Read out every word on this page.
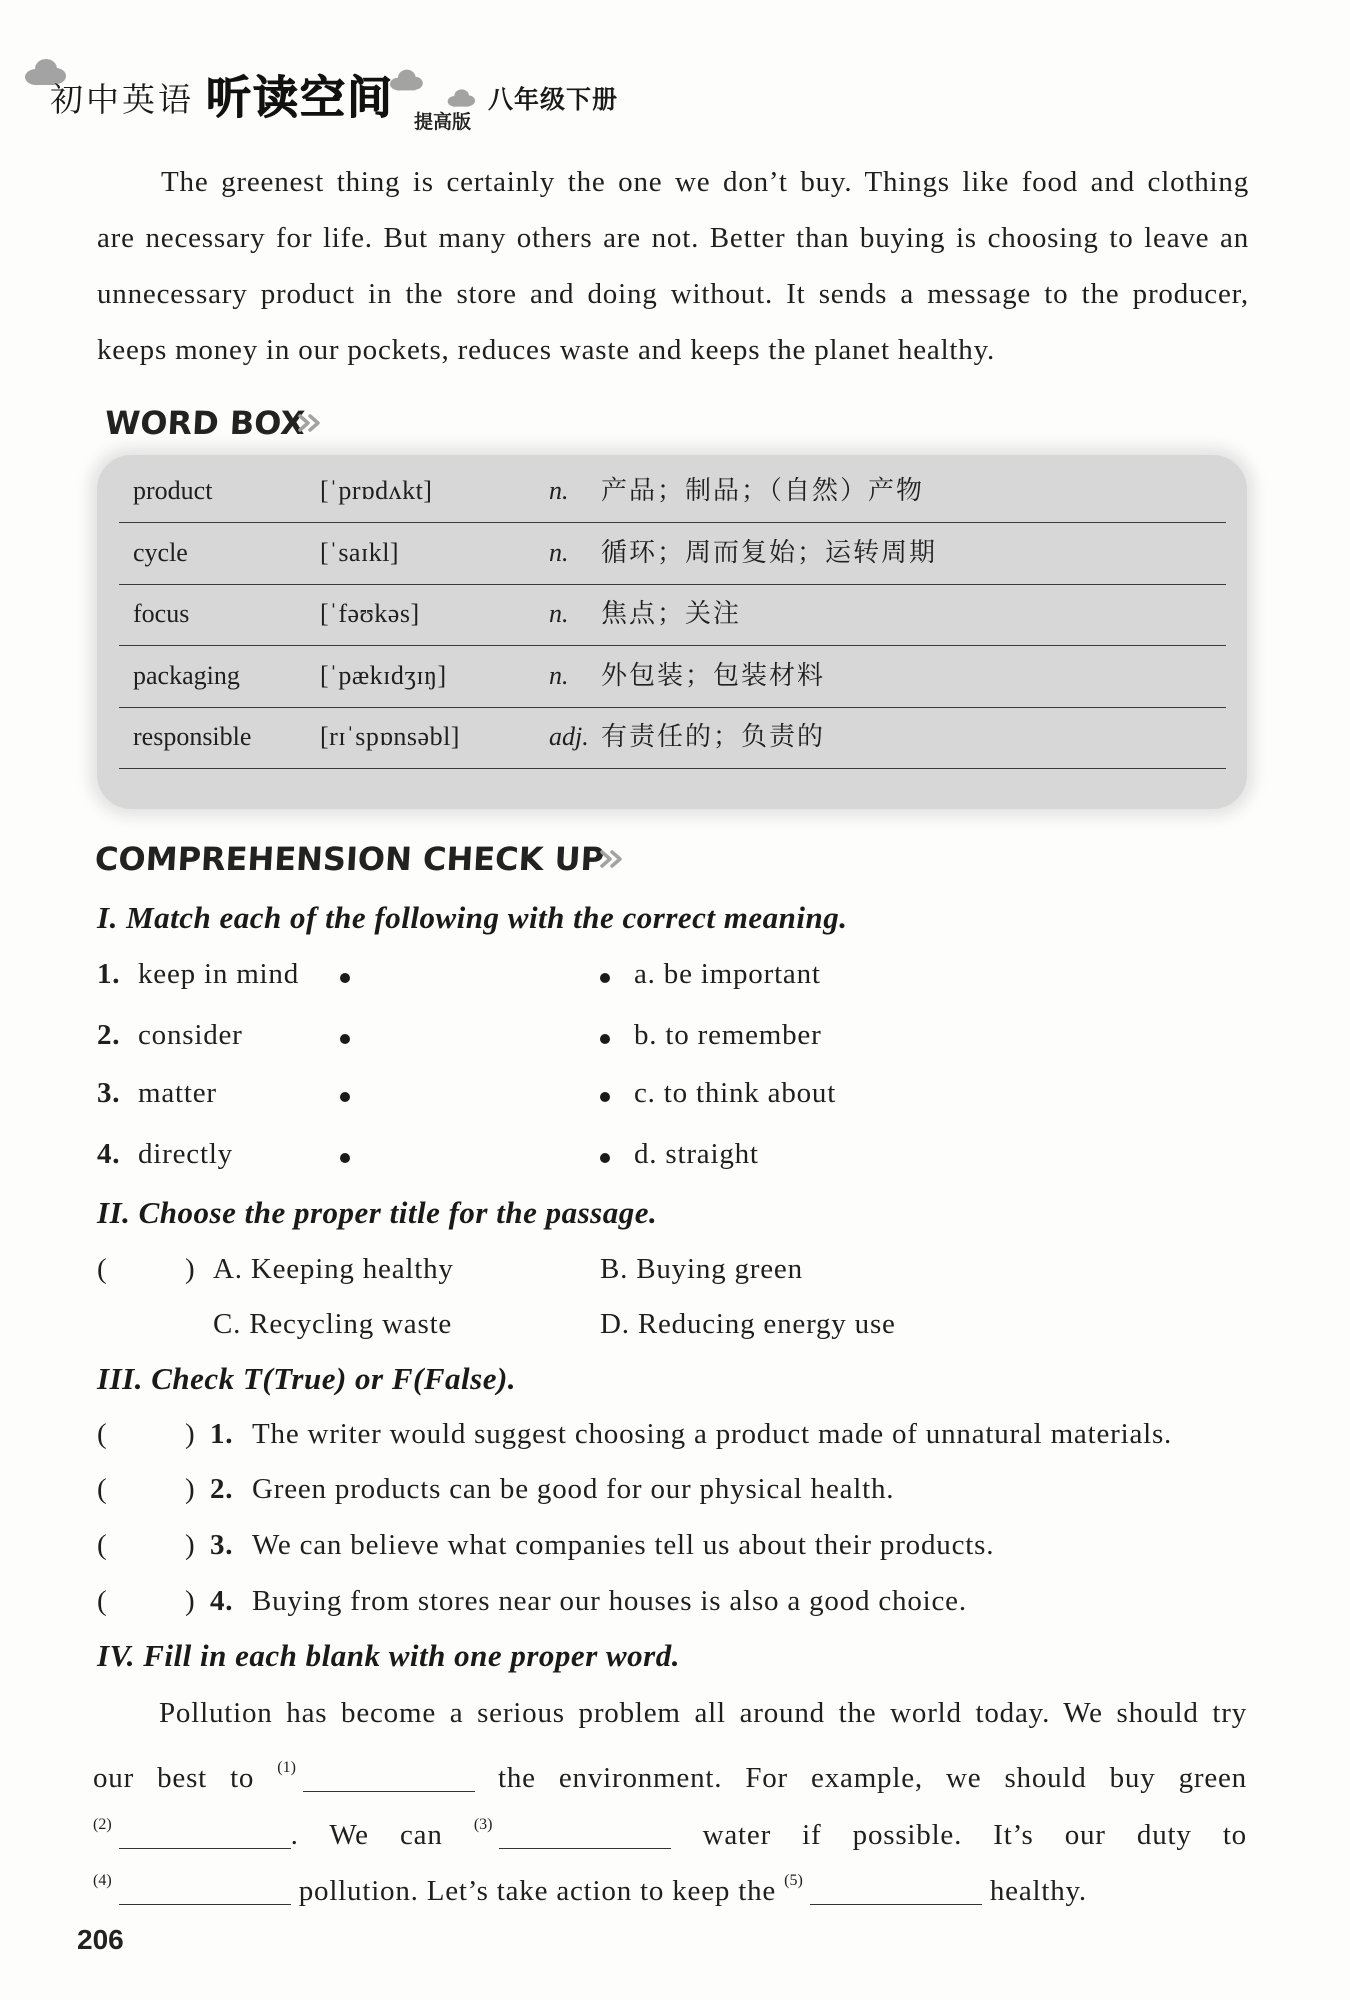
初中英语 听读空间 提高版
八年级下册
The greenest thing is certainly the one we don’t buy. Things like food and clothing
are necessary for life. But many others are not. Better than buying is choosing to leave an
unnecessary product in the store and doing without. It sends a message to the producer,
keeps money in our pockets, reduces waste and keeps the planet healthy.
WORD BOX
product	[ˈprɒdʌkt]	n. 产品；制品；（自然）产物
cycle	[ˈsaɪkl]	n. 循环；周而复始；运转周期
focus	[ˈfəʊkəs]	n. 焦点；关注
packaging	[ˈpækɪdʒɪŋ]	n. 外包装；包装材料
responsible	[rɪˈspɒnsəbl]	adj. 有责任的；负责的
COMPREHENSION CHECK UP
I. Match each of the following with the correct meaning.
1. keep in mind	a. be important
2. consider	b. to remember
3. matter	c. to think about
4. directly	d. straight
II. Choose the proper title for the passage.
(	) A. Keeping healthy	B. Buying green
C. Recycling waste	D. Reducing energy use
III. Check T(True) or F(False).
(	) 1. The writer would suggest choosing a product made of unnatural materials.
(	) 2. Green products can be good for our physical health.
(	) 3. We can believe what companies tell us about their products.
(	) 4. Buying from stores near our houses is also a good choice.
IV. Fill in each blank with one proper word.
Pollution has become a serious problem all around the world today. We should try
our best to $^{(1)}$	the environment. For example, we should buy green
$^{(2)}$	. We can $^{(3)}$	water if possible. It’s our duty to
$^{(4)}$	pollution. Let’s take action to keep the $^{(5)}$	healthy.
206
